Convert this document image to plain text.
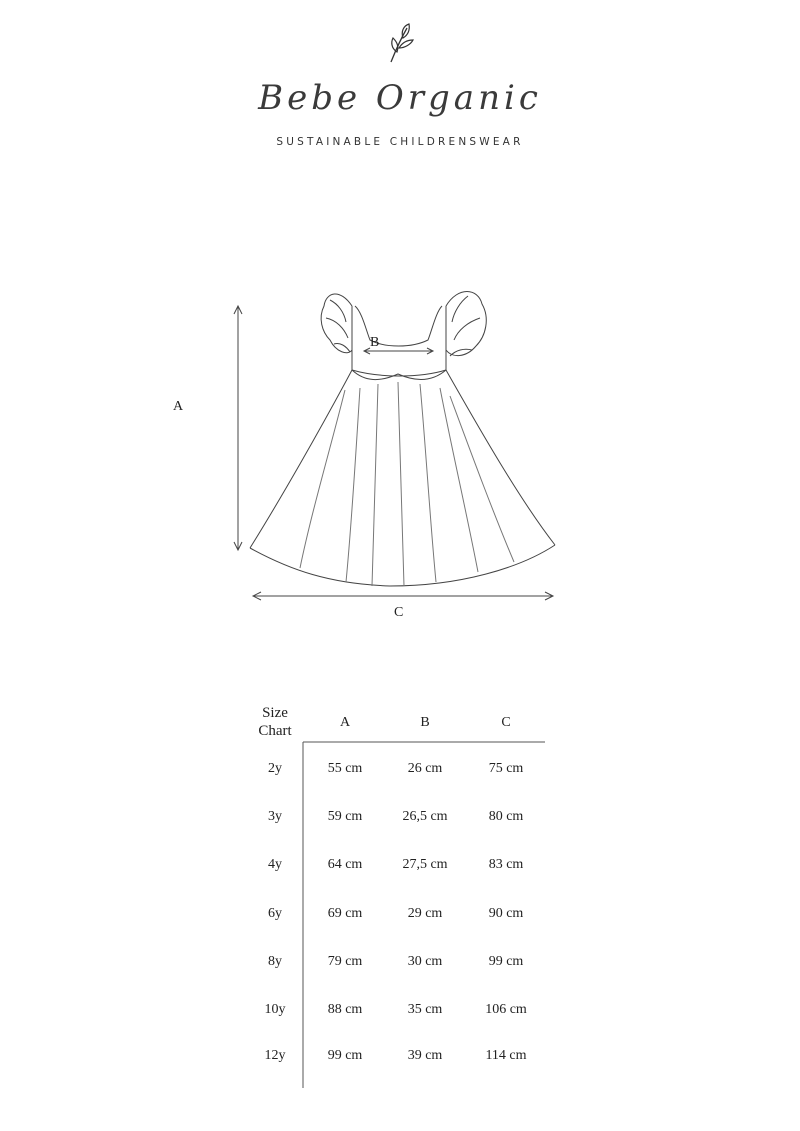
Bebe Organic
SUSTAINABLE CHILDRENSWEAR
A
B
C
Size
Chart
A	B	C
2y	55 cm	26 cm	75 cm
3y	59 cm	26,5 cm	80 cm
4y	64 cm	27,5 cm	83 cm
6y	69 cm	29 cm	90 cm
8y	79 cm	30 cm	99 cm
10y	88 cm	35 cm	106 cm
12y	99 cm	39 cm	114 cm
